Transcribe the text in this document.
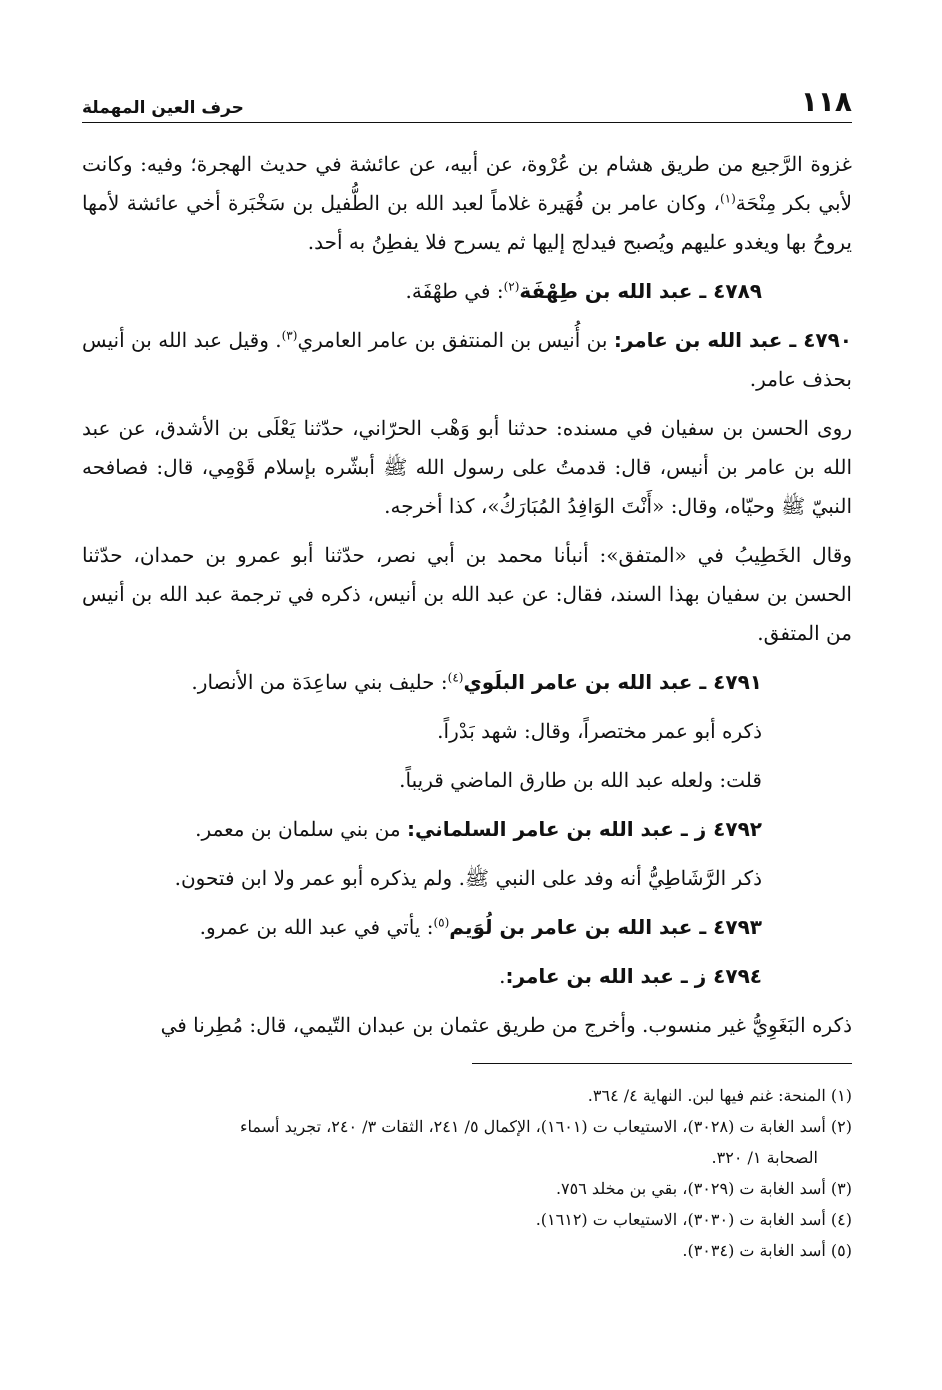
١١٨
حرف العين المهملة

غزوة الرَّجيع من طريق هشام بن عُرْوة، عن أبيه، عن عائشة في حديث الهجرة؛ وفيه: وكانت لأبي بكر مِنْحَة$^{(١)}$، وكان عامر بن فُهَيرة غلاماً لعبد الله بن الطُّفيل بن سَخْبَرة أخي عائشة لأمها يروحُ بها ويغدو عليهم ويُصبح فيدلج إليها ثم يسرح فلا يفطِنُ به أحد.

٤٧٨٩ ـ عبد الله بن طِهْفَة$^{(٢)}$: في طهْفَة.

٤٧٩٠ ـ عبد الله بن عامر: بن أُنيس بن المنتفق بن عامر العامري$^{(٣)}$. وقيل عبد الله بن أنيس بحذف عامر.

روى الحسن بن سفيان في مسنده: حدثنا أبو وَهْب الحرّاني، حدّثنا يَعْلَى بن الأشدق، عن عبد الله بن عامر بن أنيس، قال: قدمتُ على رسول الله ﷺ أبشّره بإسلام قَوْمِي، قال: فصافحه النبيّ ﷺ وحيّاه، وقال: «أَنْتَ الوَافِدُ المُبَارَكُ»، كذا أخرجه.

وقال الخَطِيبُ في «المتفق»: أنبأنا محمد بن أبي نصر، حدّثنا أبو عمرو بن حمدان، حدّثنا الحسن بن سفيان بهذا السند، فقال: عن عبد الله بن أنيس، ذكره في ترجمة عبد الله بن أنيس من المتفق.

٤٧٩١ ـ عبد الله بن عامر البلَوي$^{(٤)}$: حليف بني ساعِدَة من الأنصار.

ذكره أبو عمر مختصراً، وقال: شهد بَدْراً.

قلت: ولعله عبد الله بن طارق الماضي قريباً.

٤٧٩٢ ز ـ عبد الله بن عامر السلماني: من بني سلمان بن معمر.

ذكر الرَّشَاطِيُّ أنه وفد على النبي ﷺ. ولم يذكره أبو عمر ولا ابن فتحون.

٤٧٩٣ ـ عبد الله بن عامر بن لُوَيم$^{(٥)}$: يأتي في عبد الله بن عمرو.

٤٧٩٤ ز ـ عبد الله بن عامر:.

ذكره البَغَوِيُّ غير منسوب. وأخرج من طريق عثمان بن عبدان التّيمي، قال: مُطِرنا في

(١) المنحة: غنم فيها لبن. النهاية ٤/ ٣٦٤.

(٢) أسد الغابة ت (٣٠٢٨)، الاستيعاب ت (١٦٠١)، الإكمال ٥/ ٢٤١، الثقات ٣/ ٢٤٠، تجريد أسماء

الصحابة ١/ ٣٢٠.

(٣) أسد الغابة ت (٣٠٢٩)، بقي بن مخلد ٧٥٦.

(٤) أسد الغابة ت (٣٠٣٠)، الاستيعاب ت (١٦١٢).

(٥) أسد الغابة ت (٣٠٣٤).
